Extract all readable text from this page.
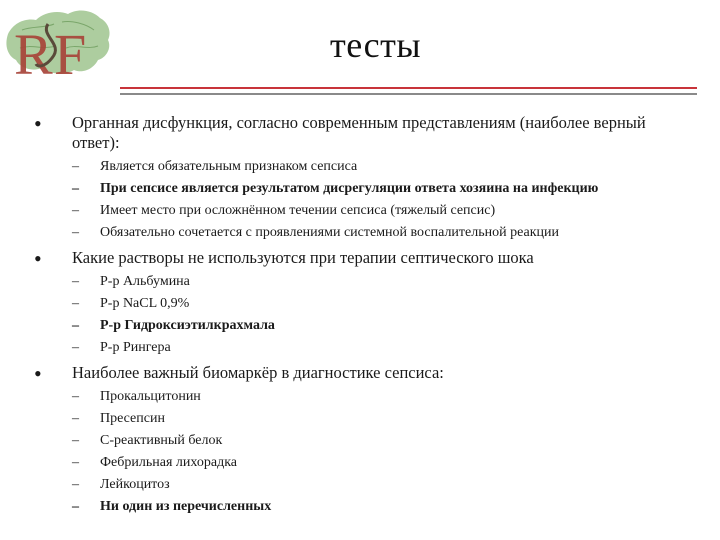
R F	тесты
• Органная дисфункция, согласно современным представлениям (наиболее верный ответ):
– Является обязательным признаком сепсиса
– При сепсисе является результатом дисрегуляции ответа хозяина на инфекцию
– Имеет место при осложнённом течении сепсиса (тяжелый сепсис)
– Обязательно сочетается с проявлениями системной воспалительной реакции
• Какие растворы не используются при терапии септического шока
– Р-р Альбумина
– Р-р NaCL 0,9%
– Р-р Гидроксиэтилкрахмала
– Р-р Рингера
• Наиболее важный биомаркёр в диагностике сепсиса:
– Прокальцитонин
– Пресепсин
– С-реактивный белок
– Фебрильная лихорадка
– Лейкоцитоз
– Ни один из перечисленных
